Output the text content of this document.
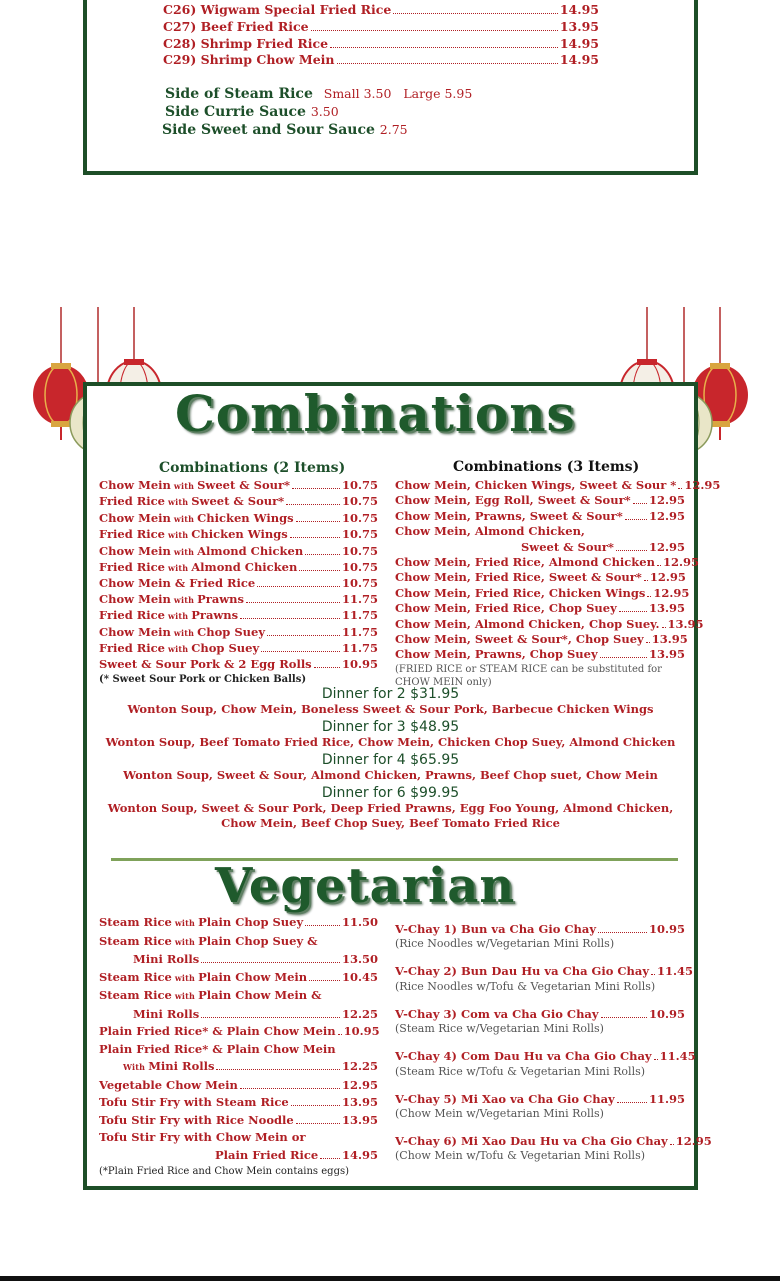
C26) Wigwam Special Fried Rice	14.95
C27) Beef Fried Rice	13.95
C28) Shrimp Fried Rice	14.95
C29) Shrimp Chow Mein	14.95
Side of Steam Rice Small 3.50   Large 5.95
Side Currie Sauce 3.50
Side Sweet and Sour Sauce 2.75
Combinations
Combinations (2 Items)
Chow Mein with Sweet & Sour*	10.75
Fried Rice with Sweet & Sour*	10.75
Chow Mein with Chicken Wings	10.75
Fried Rice with Chicken Wings	10.75
Chow Mein with Almond Chicken	10.75
Fried Rice with Almond Chicken	10.75
Chow Mein & Fried Rice	10.75
Chow Mein with Prawns	11.75
Fried Rice with Prawns	11.75
Chow Mein with Chop Suey	11.75
Fried Rice with Chop Suey	11.75
Sweet & Sour Pork & 2 Egg Rolls	10.95
(* Sweet Sour Pork or Chicken Balls)
Combinations (3 Items)
Chow Mein, Chicken Wings, Sweet & Sour * 12.95
Chow Mein, Egg Roll, Sweet & Sour* 12.95
Chow Mein, Prawns, Sweet & Sour* 12.95
Chow Mein, Almond Chicken,
Sweet & Sour*	12.95
Chow Mein, Fried Rice, Almond Chicken 12.95
Chow Mein, Fried Rice, Sweet & Sour* 12.95
Chow Mein, Fried Rice, Chicken Wings 12.95
Chow Mein, Fried Rice, Chop Suey	13.95
Chow Mein, Almond Chicken, Chop Suey. 13.95
Chow Mein, Sweet & Sour*, Chop Suey 13.95
Chow Mein, Prawns, Chop Suey	13.95
(FRIED RICE or STEAM RICE can be substituted for CHOW MEIN only)
Dinner for 2 $31.95
Wonton Soup, Chow Mein, Boneless Sweet & Sour Pork, Barbecue Chicken Wings
Dinner for 3 $48.95
Wonton Soup, Beef Tomato Fried Rice, Chow Mein, Chicken Chop Suey, Almond Chicken
Dinner for 4 $65.95
Wonton Soup, Sweet & Sour, Almond Chicken, Prawns, Beef Chop suet, Chow Mein
Dinner for 6 $99.95
Wonton Soup, Sweet & Sour Pork, Deep Fried Prawns, Egg Foo Young, Almond Chicken,
Chow Mein, Beef Chop Suey, Beef Tomato Fried Rice
Vegetarian
Steam Rice with Plain Chop Suey	11.50
Steam Rice with Plain Chop Suey &
Mini Rolls	13.50
Steam Rice with Plain Chow Mein	10.45
Steam Rice with Plain Chow Mein &
Mini Rolls	12.25
Plain Fried Rice* & Plain Chow Mein 10.95
Plain Fried Rice* & Plain Chow Mein
With Mini Rolls	12.25
Vegetable Chow Mein	12.95
Tofu Stir Fry with Steam Rice	13.95
Tofu Stir Fry with Rice Noodle	13.95
Tofu Stir Fry with Chow Mein or
Plain Fried Rice 14.95
(*Plain Fried Rice and Chow Mein contains eggs)
V-Chay 1) Bun va Cha Gio Chay	10.95
(Rice Noodles w/Vegetarian Mini Rolls)
V-Chay 2) Bun Dau Hu va Cha Gio Chay 11.45
(Rice Noodles w/Tofu & Vegetarian Mini Rolls)
V-Chay 3) Com va Cha Gio Chay	10.95
(Steam Rice w/Vegetarian Mini Rolls)
V-Chay 4) Com Dau Hu va Cha Gio Chay 11.45
(Steam Rice w/Tofu & Vegetarian Mini Rolls)
V-Chay 5) Mi Xao va Cha Gio Chay	11.95
(Chow Mein w/Vegetarian Mini Rolls)
V-Chay 6) Mi Xao Dau Hu va Cha Gio Chay 12.95
(Chow Mein w/Tofu & Vegetarian Mini Rolls)
